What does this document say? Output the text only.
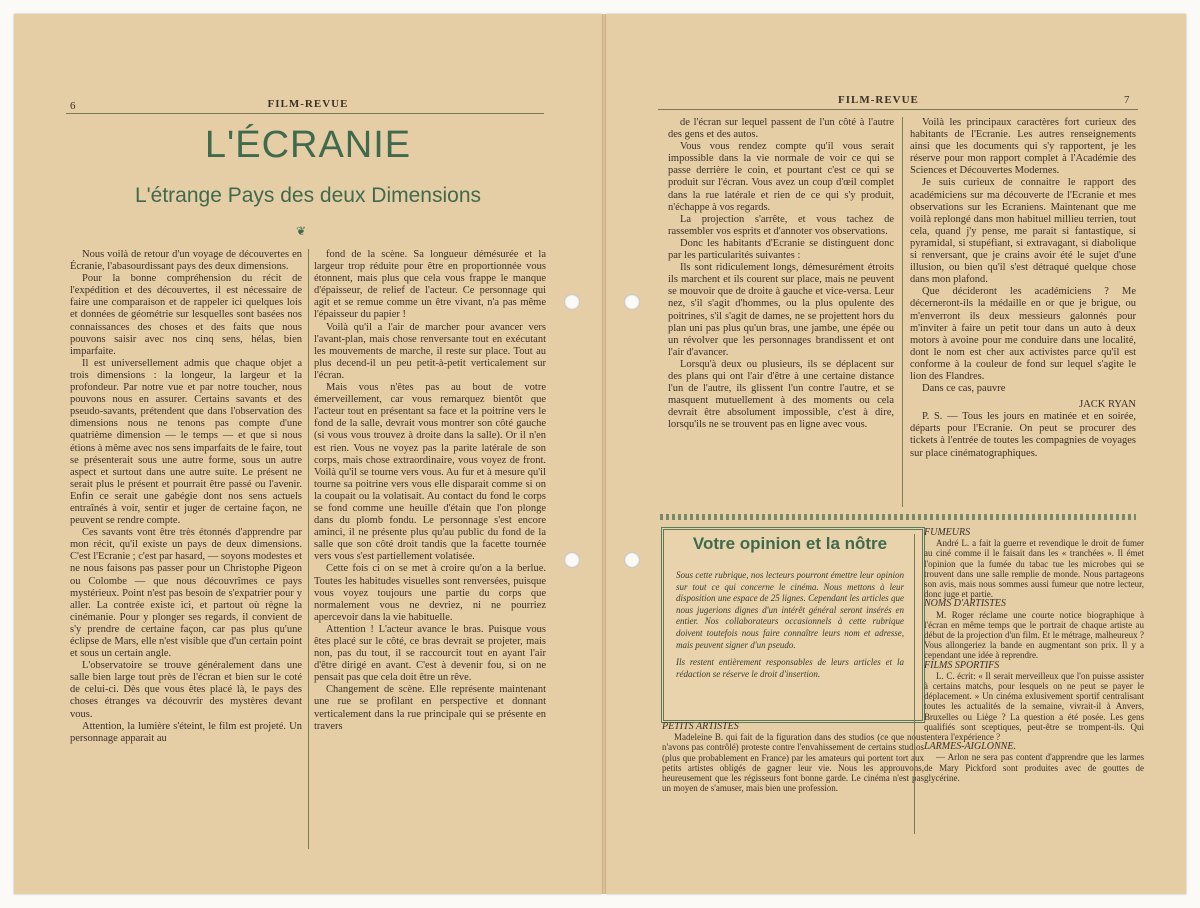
6	FILM-REVUE
L'ÉCRANIE
L'étrange Pays des deux Dimensions
❦

Nous voilà de retour d'un voyage de découvertes en Écranie, l'abasourdissant pays des deux dimensions.

Pour la bonne compréhension du récit de l'expédition et des découvertes, il est nécessaire de faire une comparaison et de rappeler ici quelques lois et données de géométrie sur lesquelles sont basées nos connaissances des choses et des faits que nous pouvons saisir avec nos cinq sens, hélas, bien imparfaite.

Il est universellement admis que chaque objet a trois dimensions : la longeur, la largeur et la profondeur. Par notre vue et par notre toucher, nous pouvons nous en assurer. Certains savants et des pseudo-savants, prétendent que dans l'observation des dimensions nous ne tenons pas compte d'une quatrième dimension — le temps — et que si nous étions à même avec nos sens imparfaits de le faire, tout se présenterait sous une autre forme, sous un autre aspect et surtout dans une autre suite. Le présent ne serait plus le présent et pourrait être passé ou l'avenir. Enfin ce serait une gabégie dont nos sens actuels entraînés à voir, sentir et juger de certaine façon, ne peuvent se rendre compte.

Ces savants vont être très étonnés d'apprendre par mon récit, qu'il existe un pays de deux dimensions. C'est l'Ecranie ; c'est par hasard, — soyons modestes et ne nous faisons pas passer pour un Christophe Pigeon ou Colombe — que nous découvrîmes ce pays mystérieux. Point n'est pas besoin de s'expatrier pour y aller. La contrée existe ici, et partout où règne la cinémanie. Pour y plonger ses regards, il convient de s'y prendre de certaine façon, car pas plus qu'une éclipse de Mars, elle n'est visible que d'un certain point et sous un certain angle.

L'observatoire se trouve généralement dans une salle bien large tout près de l'écran et bien sur le coté de celui-ci. Dès que vous êtes placé là, le pays des choses étranges va découvrir des mystères devant vous.

Attention, la lumière s'éteint, le film est projeté. Un personnage apparait au

fond de la scène. Sa longueur démésurée et la largeur trop réduite pour être en proportionnée vous étonnent, mais plus que cela vous frappe le manque d'épaisseur, de relief de l'acteur. Ce personnage qui agit et se remue comme un être vivant, n'a pas même l'épaisseur du papier !

Voilà qu'il a l'air de marcher pour avancer vers l'avant-plan, mais chose renversante tout en exécutant les mouvements de marche, il reste sur place. Tout au plus decend-il un peu petit-à-petit verticalement sur l'écran.

Mais vous n'êtes pas au bout de votre émerveillement, car vous remarquez bientôt que l'acteur tout en présentant sa face et la poitrine vers le fond de la salle, devrait vous montrer son côté gauche (si vous vous trouvez à droite dans la salle). Or il n'en est rien. Vous ne voyez pas la parite latérale de son corps, mais chose extraordinaire, vous voyez de front. Voilà qu'il se tourne vers vous. Au fur et à mesure qu'il tourne sa poitrine vers vous elle disparait comme si on la coupait ou la volatisait. Au contact du fond le corps se fond comme une heuille d'étain que l'on plonge dans du plomb fondu. Le personnage s'est encore aminci, il ne présente plus qu'au public du fond de la salle que son côté droit tandis que la facette tournée vers vous s'est partiellement volatisée.

Cette fois ci on se met à croire qu'on a la berlue. Toutes les habitudes visuelles sont renversées, puisque vous voyez toujours une partie du corps que normalement vous ne devriez, ni ne pourriez apercevoir dans la vie habituelle.

Attention ! L'acteur avance le bras. Puisque vous êtes placé sur le côté, ce bras devrait se projeter, mais non, pas du tout, il se raccourcit tout en ayant l'air d'être dirigé en avant. C'est à devenir fou, si on ne pensait pas que cela doit être un rêve.

Changement de scène. Elle représente maintenant une rue se profilant en perspective et donnant verticalement dans la rue principale qui se présente en travers

FILM-REVUE	7

de l'écran sur lequel passent de l'un côté à l'autre des gens et des autos.

Vous vous rendez compte qu'il vous serait impossible dans la vie normale de voir ce qui se passe derrière le coin, et pourtant c'est ce qui se produit sur l'écran. Vous avez un coup d'œil complet dans la rue latérale et rien de ce qui s'y produit, n'échappe à vos regards.

La projection s'arrête, et vous tachez de rassembler vos esprits et d'annoter vos observations.

Donc les habitants d'Ecranie se distinguent donc par les particularités suivantes :

Ils sont ridiculement longs, démesurément étroits ils marchent et ils courent sur place, mais ne peuvent se mouvoir que de droite à gauche et vice-versa. Leur nez, s'il s'agit d'hommes, ou la plus opulente des poitrines, s'il s'agit de dames, ne se projettent hors du plan uni pas plus qu'un bras, une jambe, une épée ou un révolver que les personnages brandissent et ont l'air d'avancer.

Lorsqu'à deux ou plusieurs, ils se déplacent sur des plans qui ont l'air d'être à une certaine distance l'un de l'autre, ils glissent l'un contre l'autre, et se masquent mutuellement à des moments ou cela devrait être absolument impossible, c'est à dire, lorsqu'ils ne se trouvent pas en ligne avec vous.

Voilà les principaux caractères fort curieux des habitants de l'Ecranie. Les autres renseignements ainsi que les documents qui s'y rapportent, je les réserve pour mon rapport complet à l'Académie des Sciences et Découvertes Modernes.

Je suis curieux de connaitre le rapport des académiciens sur ma découverte de l'Ecranie et mes observations sur les Ecraniens. Maintenant que me voilà replongé dans mon habituel millieu terrien, tout cela, quand j'y pense, me parait si fantastique, si pyramidal, si stupéfiant, si extravagant, si diabolique si renversant, que je crains avoir été le sujet d'une illusion, ou bien qu'il s'est détraqué quelque chose dans mon plafond.

Que décideront les académiciens ? Me décerneront-ils la médaille en or que je brigue, ou m'enverront ils deux messieurs galonnés pour m'inviter à faire un petit tour dans un auto à deux motors à avoine pour me conduire dans une localité, dont le nom est cher aux activistes parce qu'il est conforme à la couleur de fond sur lequel s'agite le lion des Flandres.

Dans ce cas, pauvre

JACK RYAN

P. S. — Tous les jours en matinée et en soirée, départs pour l'Ecranie. On peut se procurer des tickets à l'entrée de toutes les compagnies de voyages sur place cinématographiques.

Votre opinion et la nôtre

Sous cette rubrique, nos lecteurs pourront émettre leur opinion sur tout ce qui concerne le cinéma. Nous mettons à leur disposition une espace de 25 lignes. Cependant les articles que nous jugerions dignes d'un intérêt général seront insérés en entier. Nos collaborateurs occasionnels à cette rubrique doivent toutefois nous faire connaître leurs nom et adresse, mais peuvent signer d'un pseudo.

Ils restent entièrement responsables de leurs articles et la rédaction se réserve le droit d'insertion.

PETITS ARTISTES

Madeleine B. qui fait de la figuration dans des studios (ce que nous n'avons pas contrôlé) proteste contre l'envahissement de certains studios (plus que probablement en France) par les amateurs qui portent tort aux petits artistes obligés de gagner leur vie. Nous les approuvons, heureusement que les régisseurs font bonne garde. Le cinéma n'est pas un moyen de s'amuser, mais bien une profession.

FUMEURS

André L. a fait la guerre et revendique le droit de fumer au ciné comme il le faisait dans les « tranchées ». Il émet l'opinion que la fumée du tabac tue les microbes qui se trouvent dans une salle remplie de monde. Nous partageons son avis, mais nous sommes aussi fumeur que notre lecteur, donc juge et partie.

NOMS D'ARTISTES

M. Roger réclame une courte notice biographique à l'écran en même temps que le portrait de chaque artiste au début de la projection d'un film. Et le métrage, malheureux ? Vous allongeriez la bande en augmentant son prix. Il y a cependant une idée à reprendre.

FILMS SPORTIFS

L. C. écrit: « Il serait merveilleux que l'on puisse assister à certains matchs, pour lesquels on ne peut se payer le déplacement. » Un cinéma exlusivement sportif centralisant toutes les actualités de la semaine, vivrait-il à Anvers, Bruxelles ou Liège ? La question a été posée. Les gens qualifiés sont sceptiques, peut-être se trompent-ils. Qui tentera l'expérience ?

LARMES-AIGLONNE.

— Arlon ne sera pas content d'apprendre que les larmes de Mary Pickford sont produites avec de gouttes de glycérine.
